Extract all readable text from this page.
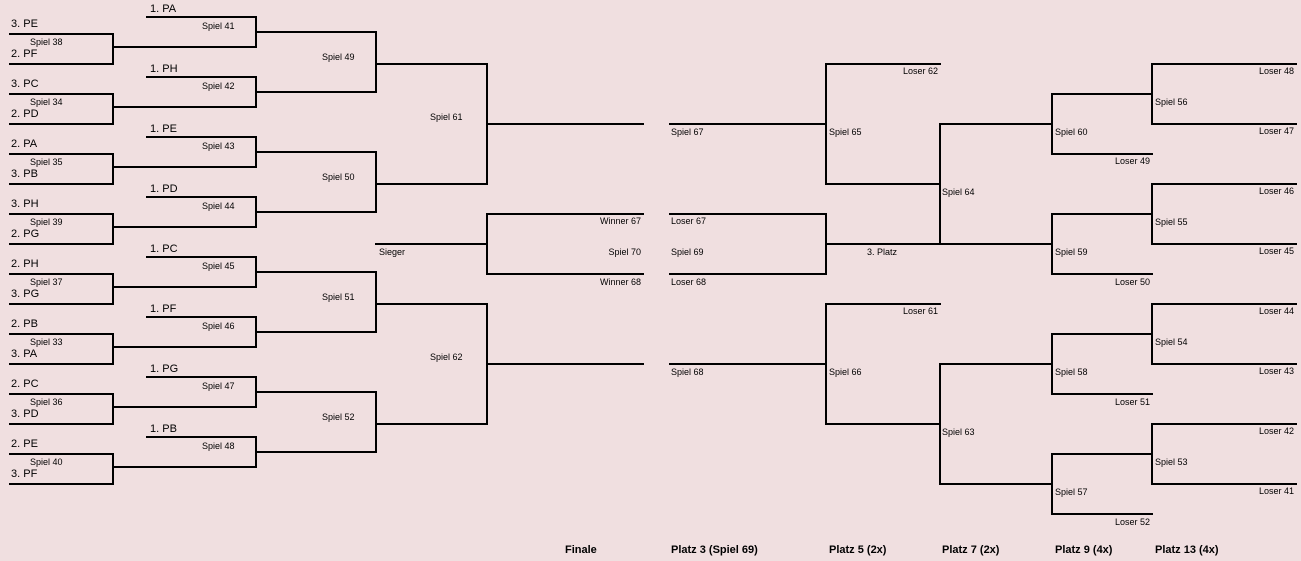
3. PE
2. PF
3. PC
2. PD
2. PA
3. PB
3. PH
2. PG
2. PH
3. PG
2. PB
3. PA
2. PC
3. PD
2. PE
3. PF
Spiel 38
Spiel 34
Spiel 35
Spiel 39
Spiel 37
Spiel 33
Spiel 36
Spiel 40
1. PA
1. PH
1. PE
1. PD
1. PC
1. PF
1. PG
1. PB
Spiel 41
Spiel 42
Spiel 43
Spiel 44
Spiel 45
Spiel 46
Spiel 47
Spiel 48
Spiel 49
Spiel 50
Spiel 51
Spiel 52
Spiel 61
Spiel 62
Sieger
Winner 67
Spiel 70
Winner 68
Spiel 67
Loser 67
Spiel 69
Loser 68
Spiel 68
3. Platz
Spiel 65
Spiel 66
Loser 62
Loser 61
Spiel 64
Spiel 63
Spiel 60
Spiel 59
Spiel 58
Spiel 57
Loser 49
Loser 50
Loser 51
Loser 52
Spiel 56
Spiel 55
Spiel 54
Spiel 53
Loser 48
Loser 47
Loser 46
Loser 45
Loser 44
Loser 43
Loser 42
Loser 41
Finale	Platz 3 (Spiel 69)	Platz 5 (2x)	Platz 7 (2x)	Platz 9 (4x)	Platz 13 (4x)
